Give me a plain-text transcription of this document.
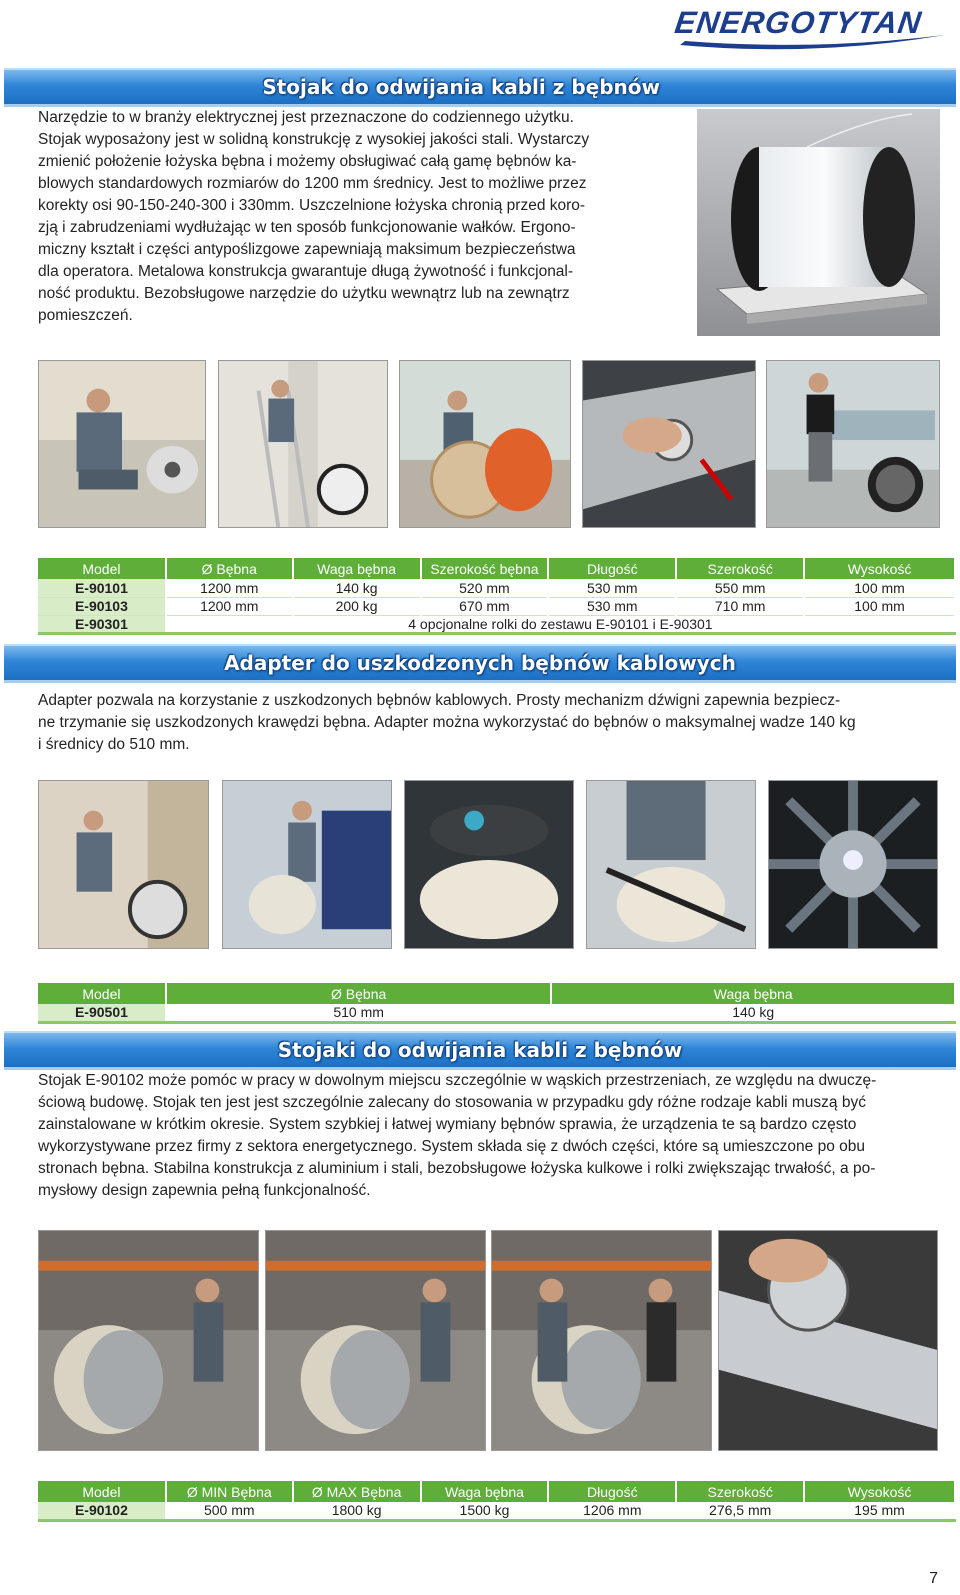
ENERGOTYTAN
Stojak do odwijania kabli z bębnów
Narzędzie to w branży elektrycznej jest przeznaczone do codziennego użytku.
Stojak wyposażony jest w solidną konstrukcję z wysokiej jakości stali. Wystarczy
zmienić położenie łożyska bębna i możemy obsługiwać całą gamę bębnów ka-
blowych standardowych rozmiarów do 1200 mm średnicy. Jest to możliwe przez
korekty osi 90-150-240-300 i 330mm. Uszczelnione łożyska chronią przed koro-
zją i zabrudzeniami wydłużając w ten sposób funkcjonowanie wałków. Ergono-
miczny kształt i części antypoślizgowe zapewniają maksimum bezpieczeństwa
dla operatora. Metalowa konstrukcja gwarantuje długą żywotność i funkcjonal-
ność produktu. Bezobsługowe narzędzie do użytku wewnątrz lub na zewnątrz
pomieszczeń.
Model	Ø Bębna	Waga bębna	Szerokość bębna	Długość	Szerokość	Wysokość
E-90101	1200 mm	140 kg	520 mm	530 mm	550 mm	100 mm
E-90103	1200 mm	200 kg	670 mm	530 mm	710 mm	100 mm
E-90301	4 opcjonalne rolki do zestawu E-90101 i E-90301					
Adapter do uszkodzonych bębnów kablowych
Adapter pozwala na korzystanie z uszkodzonych bębnów kablowych. Prosty mechanizm dźwigni zapewnia bezpiecz-
ne trzymanie się uszkodzonych krawędzi bębna. Adapter można wykorzystać do bębnów o maksymalnej wadze 140 kg
i średnicy do 510 mm.
Model	Ø Bębna	Waga bębna
E-90501	510 mm	140 kg
Stojaki do odwijania kabli z bębnów
Stojak E-90102 może pomóc w pracy w dowolnym miejscu szczególnie w wąskich przestrzeniach, ze względu na dwuczę-
ściową budowę. Stojak ten jest jest szczególnie zalecany do stosowania w przypadku gdy różne rodzaje kabli muszą być
zainstalowane w krótkim okresie. System szybkiej i łatwej wymiany bębnów sprawia, że urządzenia te są bardzo często
wykorzystywane przez firmy z sektora energetycznego. System składa się z dwóch części, które są umieszczone po obu
stronach bębna. Stabilna konstrukcja z aluminium i stali, bezobsługowe łożyska kulkowe i rolki zwiększając trwałość, a po-
mysłowy design zapewnia pełną funkcjonalność.
Model	Ø MIN Bębna	Ø MAX Bębna	Waga bębna	Długość	Szerokość	Wysokość
E-90102	500 mm	1800 kg	1500 kg	1206 mm	276,5 mm	195 mm
7
